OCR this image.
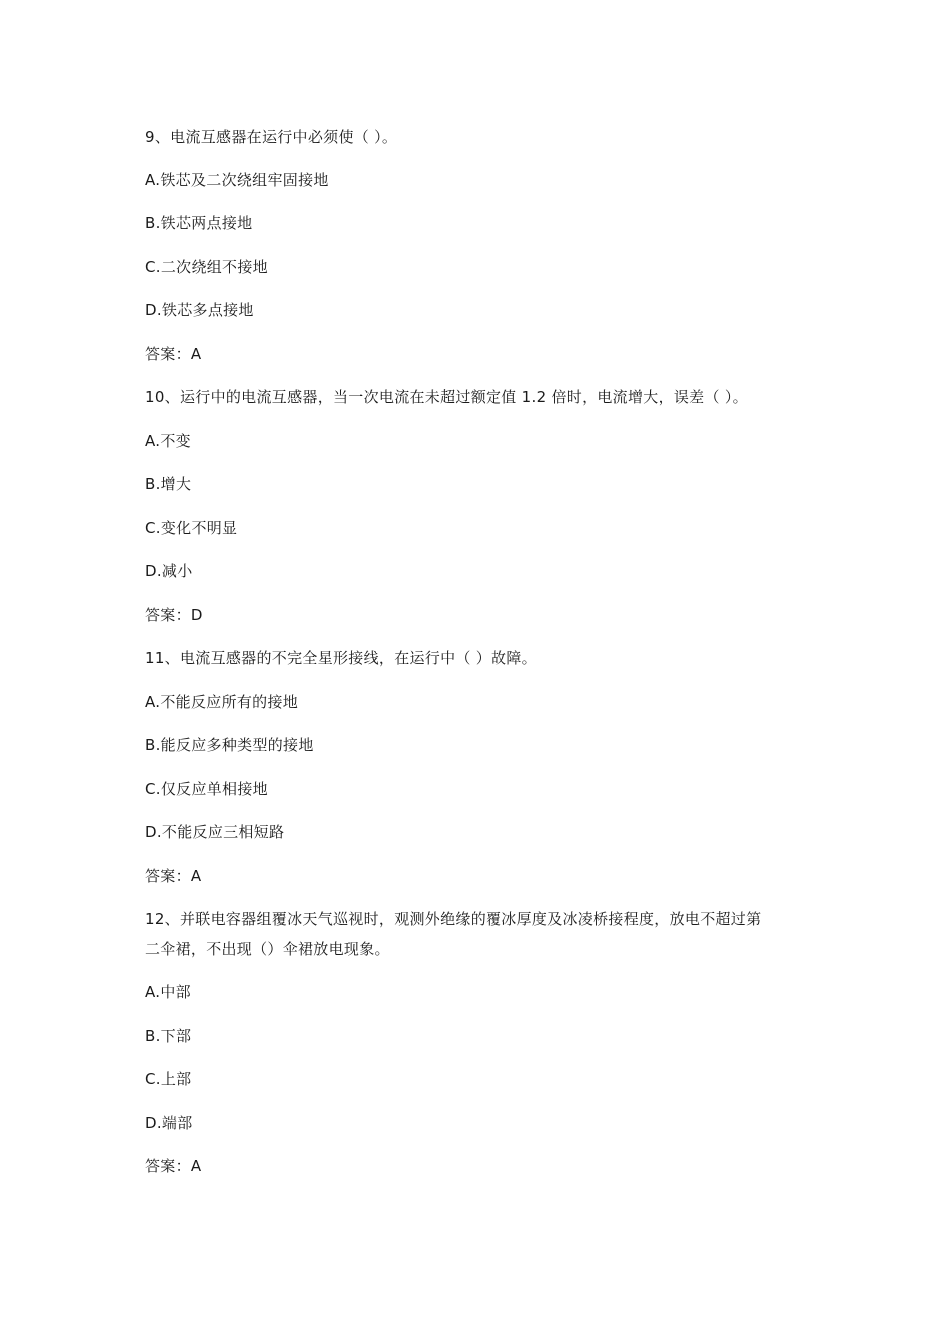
9、电流互感器在运行中必须使（ ）。
A.铁芯及二次绕组牢固接地
B.铁芯两点接地
C.二次绕组不接地
D.铁芯多点接地
答案：A
10、运行中的电流互感器，当一次电流在未超过额定值 1.2 倍时，电流增大，误差（ ）。
A.不变
B.增大
C.变化不明显
D.减小
答案：D
11、电流互感器的不完全星形接线，在运行中（ ）故障。
A.不能反应所有的接地
B.能反应多种类型的接地
C.仅反应单相接地
D.不能反应三相短路
答案：A
12、并联电容器组覆冰天气巡视时，观测外绝缘的覆冰厚度及冰凌桥接程度，放电不超过第
二伞裙，不出现（）伞裙放电现象。
A.中部
B.下部
C.上部
D.端部
答案：A
